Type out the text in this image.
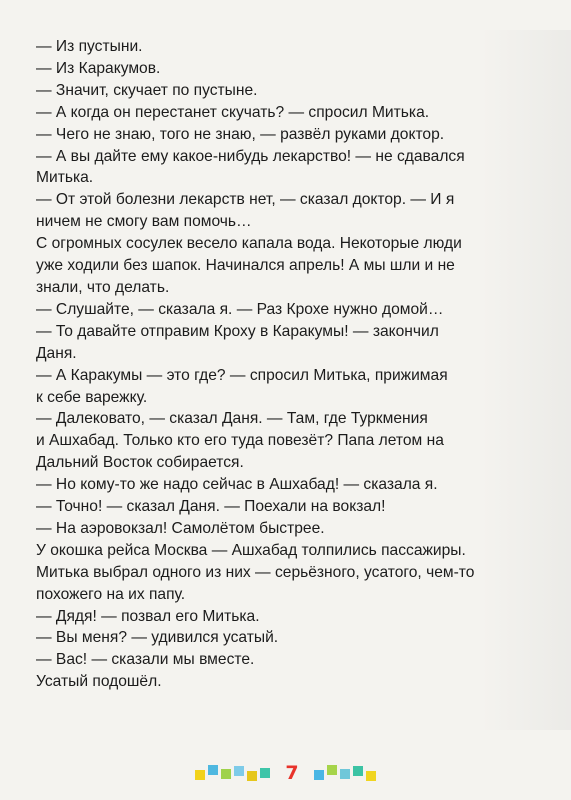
— Из пустыни.

— Из Каракумов.

— Значит, скучает по пустыне.

— А когда он перестанет скучать? — спросил Митька.

— Чего не знаю, того не знаю, — развёл руками доктор.

— А вы дайте ему какое-нибудь лекарство! — не сдавался

Митька.

— От этой болезни лекарств нет, — сказал доктор. — И я

ничем не смогу вам помочь…

С огромных сосулек весело капала вода. Некоторые люди

уже ходили без шапок. Начинался апрель! А мы шли и не

знали, что делать.

— Слушайте, — сказала я. — Раз Крохе нужно домой…

— То давайте отправим Кроху в Каракумы! — закончил

Даня.

— А Каракумы — это где? — спросил Митька, прижимая

к себе варежку.

— Далековато, — сказал Даня. — Там, где Туркмения

и Ашхабад. Только кто его туда повезёт? Папа летом на

Дальний Восток собирается.

— Но кому-то же надо сейчас в Ашхабад! — сказала я.

— Точно! — сказал Даня. — Поехали на вокзал!

— На аэровокзал! Самолётом быстрее.

У окошка рейса Москва — Ашхабад толпились пассажиры.

Митька выбрал одного из них — серьёзного, усатого, чем-то

похожего на их папу.

— Дядя! — позвал его Митька.

— Вы меня? — удивился усатый.

— Вас! — сказали мы вместе.

Усатый подошёл.

7
